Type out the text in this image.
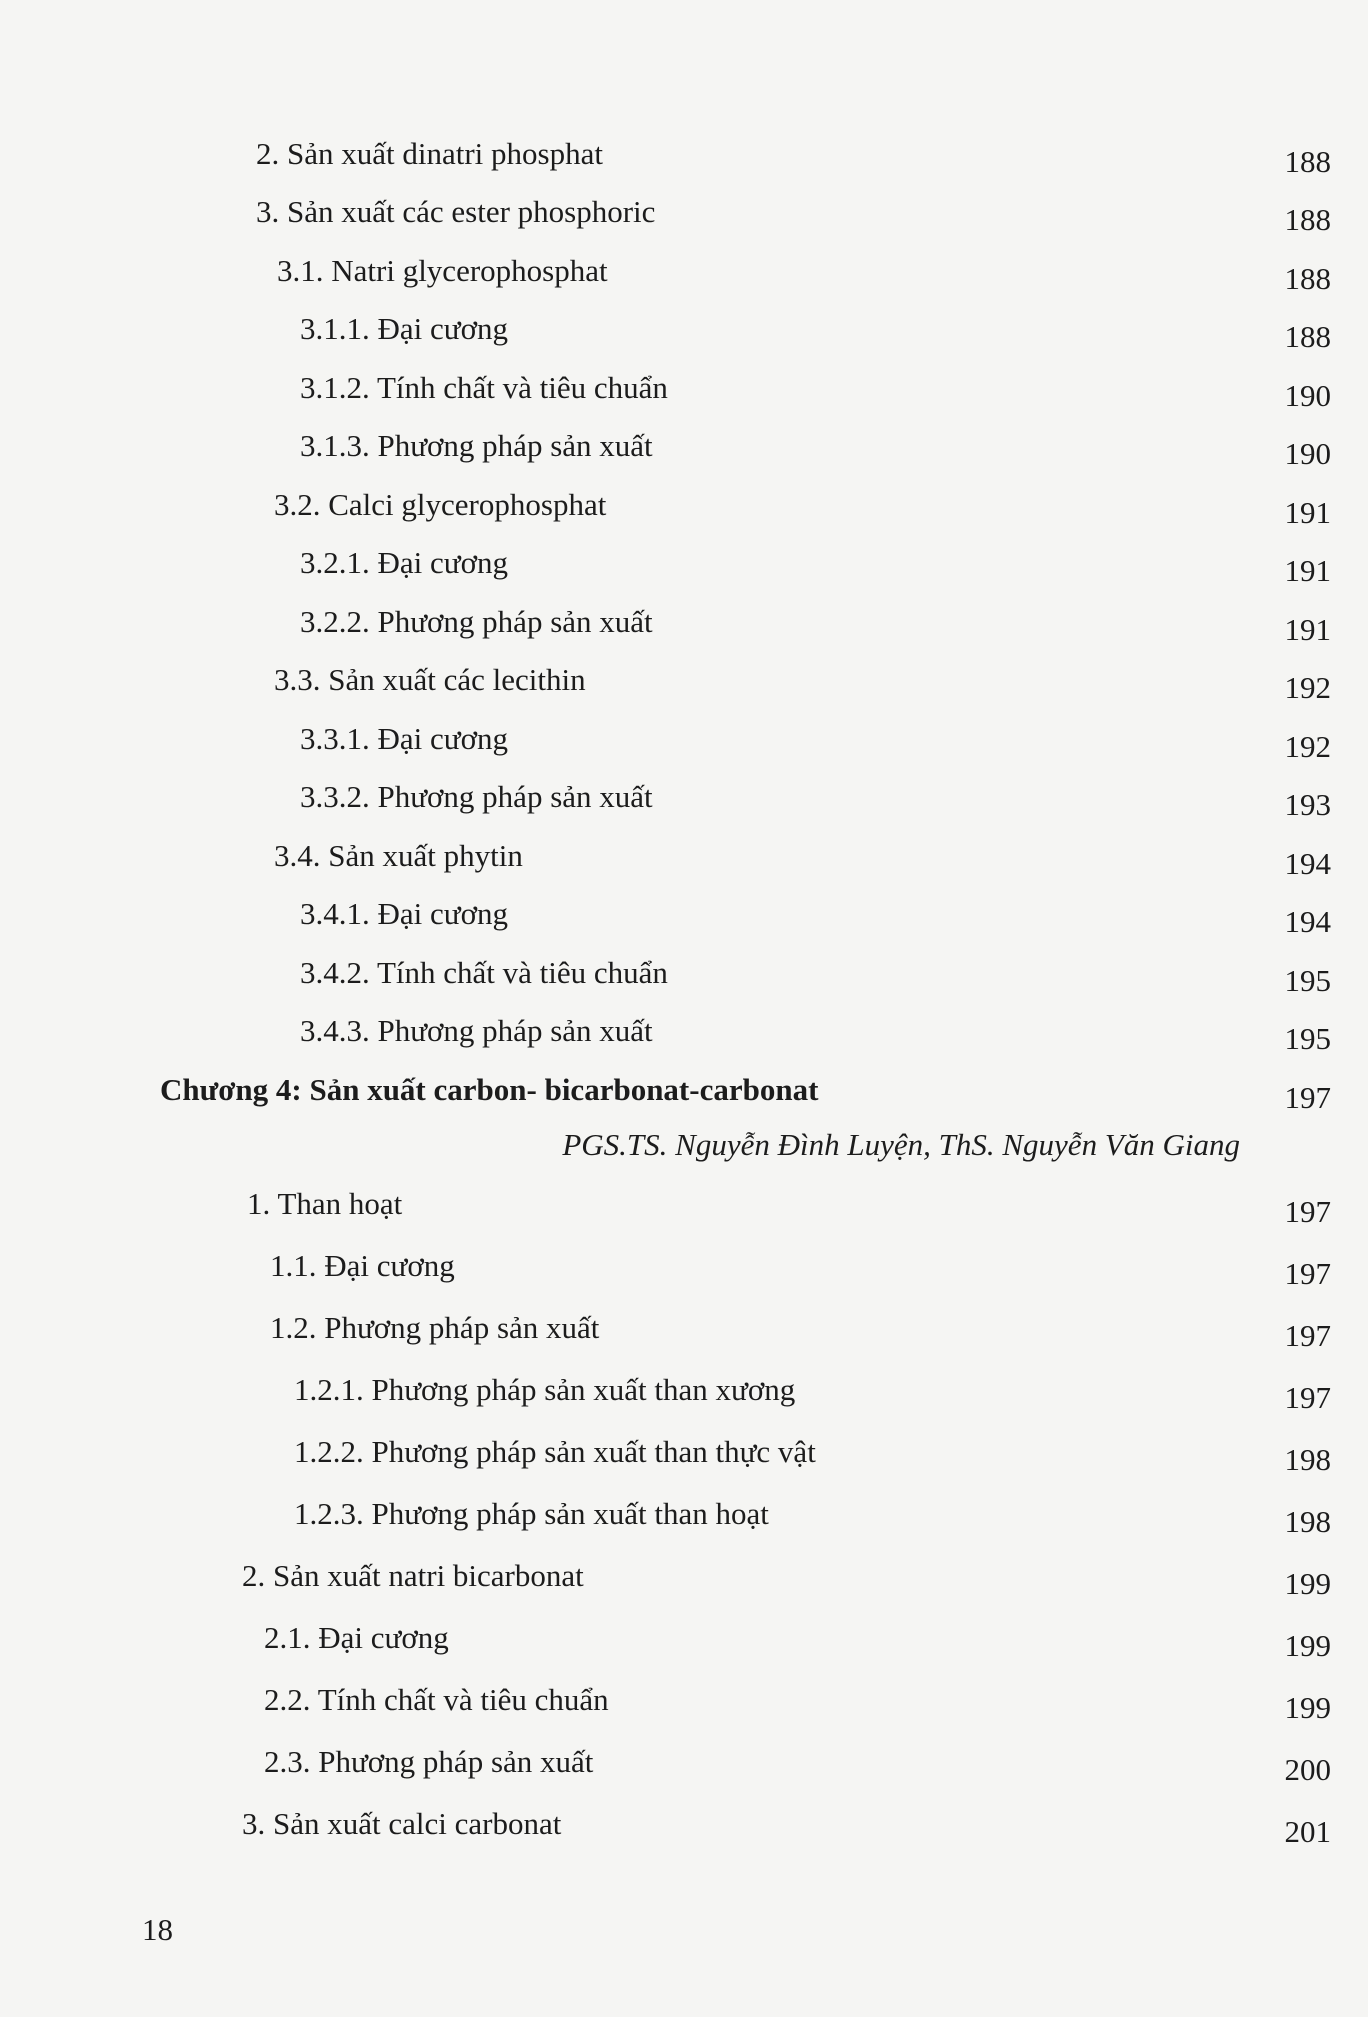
2. Sản xuất dinatri phosphat	188
3. Sản xuất các ester phosphoric	188
3.1. Natri glycerophosphat	188
3.1.1. Đại cương	188
3.1.2. Tính chất và tiêu chuẩn	190
3.1.3. Phương pháp sản xuất	190
3.2. Calci glycerophosphat	191
3.2.1. Đại cương	191
3.2.2. Phương pháp sản xuất	191
3.3. Sản xuất các lecithin	192
3.3.1. Đại cương	192
3.3.2. Phương pháp sản xuất	193
3.4. Sản xuất phytin	194
3.4.1. Đại cương	194
3.4.2. Tính chất và tiêu chuẩn	195
3.4.3. Phương pháp sản xuất	195
Chương 4: Sản xuất carbon- bicarbonat-carbonat	197
PGS.TS. Nguyễn Đình Luyện, ThS. Nguyễn Văn Giang
1. Than hoạt	197
1.1. Đại cương	197
1.2. Phương pháp sản xuất	197
1.2.1. Phương pháp sản xuất than xương	197
1.2.2. Phương pháp sản xuất than thực vật	198
1.2.3. Phương pháp sản xuất than hoạt	198
2. Sản xuất natri bicarbonat	199
2.1. Đại cương	199
2.2. Tính chất và tiêu chuẩn	199
2.3. Phương pháp sản xuất	200
3. Sản xuất calci carbonat	201
18
